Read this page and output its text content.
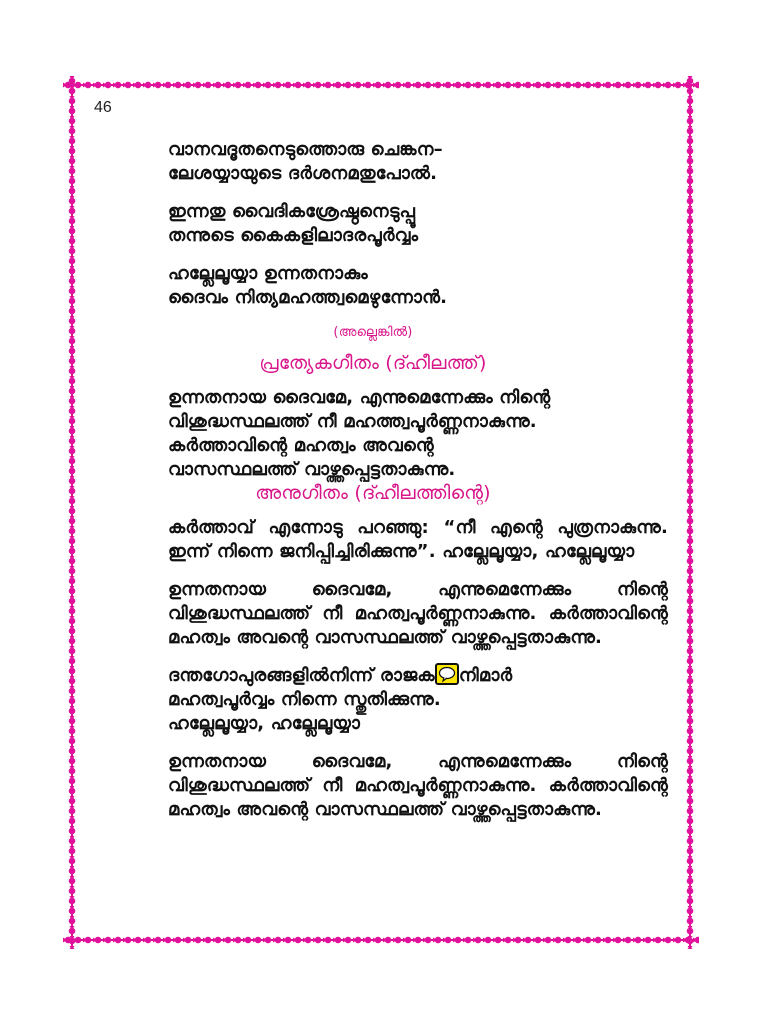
46
വാനവദൂതനെടുത്തൊരു ചെങ്കന–
ലേശയ്യായുടെ ദർശനമതുപോൽ.
ഇന്നതു വൈദികശ്രേഷ്ഠനെടുപ്പൂ
തന്നുടെ കൈകളിലാദരപൂർവ്വം
ഹല്ലേലൂയ്യാ ഉന്നതനാകും
ദൈവം നിത്യമഹത്ത്വമെഴുന്നോൻ.
(അല്ലെങ്കിൽ)
പ്രത്യേകഗീതം (ദ്ഹീലത്ത്)
ഉന്നതനായ ദൈവമേ, എന്നുമെന്നേക്കും നിന്റെ
വിശുദ്ധസ്ഥലത്ത് നീ മഹത്ത്വപൂർണ്ണനാകുന്നു.
കർത്താവിന്റെ മഹത്വം അവന്റെ
വാസസ്ഥലത്ത് വാഴ്ത്തപ്പെട്ടതാകുന്നു.
അനുഗീതം (ദ്ഹീലത്തിന്റെ)
കർത്താവ് എന്നോടു പറഞ്ഞു: “നീ എന്റെ പുത്രനാകുന്നു. ഇന്ന് നിന്നെ ജനിപ്പിച്ചിരിക്കുന്നു”. ഹല്ലേലൂയ്യാ, ഹല്ലേലൂയ്യാ
ഉന്നതനായ ദൈവമേ, എന്നുമെന്നേക്കും നിന്റെ വിശുദ്ധസ്ഥലത്ത് നീ മഹത്വപൂർണ്ണനാകുന്നു. കർത്താവിന്റെ മഹത്വം അവന്റെ വാസസ്ഥലത്ത് വാഴ്ത്തപ്പെട്ടതാകുന്നു.
ദന്തഗോപുരങ്ങളിൽനിന്ന് രാജക നിമാർ
മഹത്വപൂർവ്വം നിന്നെ സ്തുതിക്കുന്നു.
ഹല്ലേലൂയ്യാ, ഹല്ലേലൂയ്യാ
ഉന്നതനായ ദൈവമേ, എന്നുമെന്നേക്കും നിന്റെ വിശുദ്ധസ്ഥലത്ത് നീ മഹത്വപൂർണ്ണനാകുന്നു. കർത്താവിന്റെ മഹത്വം അവന്റെ വാസസ്ഥലത്ത് വാഴ്ത്തപ്പെട്ടതാകുന്നു.
